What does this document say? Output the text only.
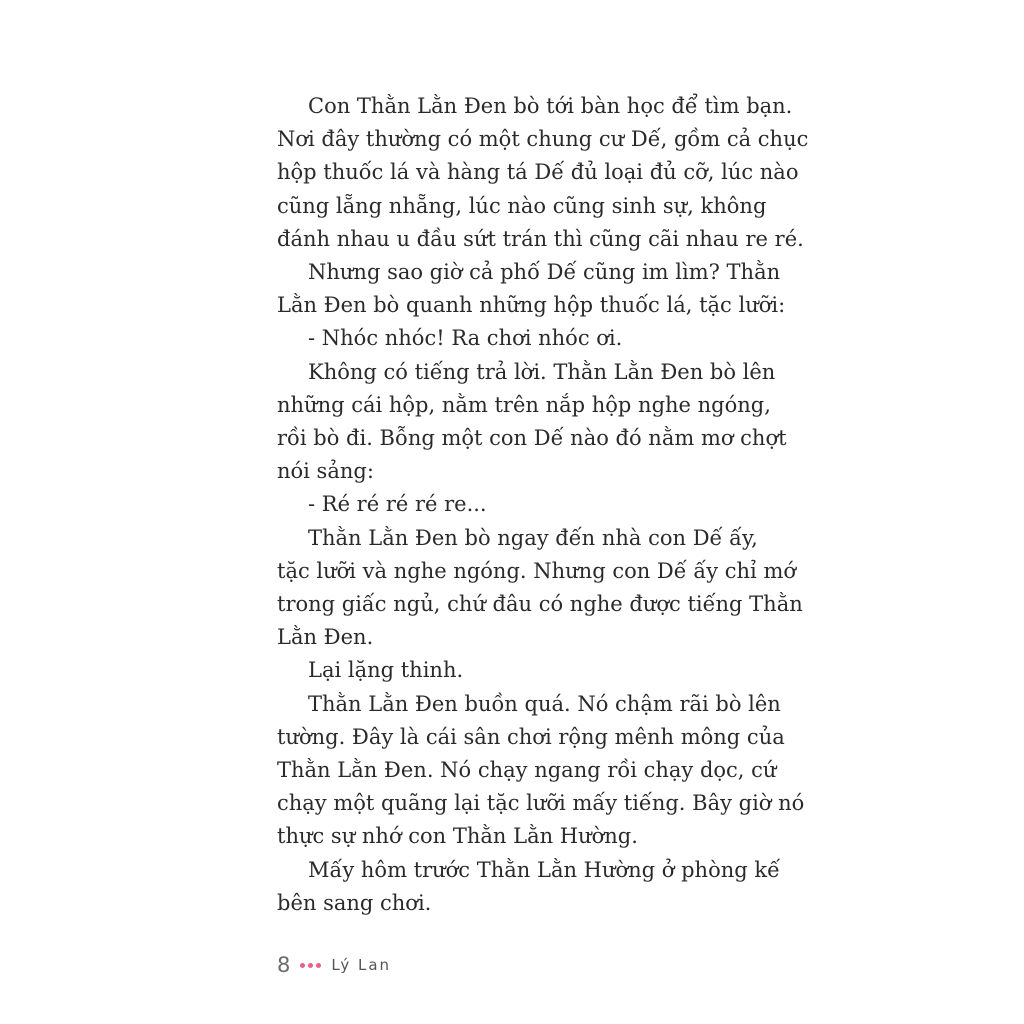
Con Thằn Lằn Đen bò tới bàn học để tìm bạn.
Nơi đây thường có một chung cư Dế, gồm cả chục
hộp thuốc lá và hàng tá Dế đủ loại đủ cỡ, lúc nào
cũng lẵng nhẵng, lúc nào cũng sinh sự, không
đánh nhau u đầu sứt trán thì cũng cãi nhau re ré.

Nhưng sao giờ cả phố Dế cũng im lìm? Thằn
Lằn Đen bò quanh những hộp thuốc lá, tặc lưỡi:

- Nhóc nhóc! Ra chơi nhóc ơi.

Không có tiếng trả lời. Thằn Lằn Đen bò lên
những cái hộp, nằm trên nắp hộp nghe ngóng,
rồi bò đi. Bỗng một con Dế nào đó nằm mơ chợt
nói sảng:

- Ré ré ré ré re...

Thằn Lằn Đen bò ngay đến nhà con Dế ấy,
tặc lưỡi và nghe ngóng. Nhưng con Dế ấy chỉ mớ
trong giấc ngủ, chứ đâu có nghe được tiếng Thằn
Lằn Đen.

Lại lặng thinh.

Thằn Lằn Đen buồn quá. Nó chậm rãi bò lên
tường. Đây là cái sân chơi rộng mênh mông của
Thằn Lằn Đen. Nó chạy ngang rồi chạy dọc, cứ
chạy một quãng lại tặc lưỡi mấy tiếng. Bây giờ nó
thực sự nhớ con Thằn Lằn Hường.

Mấy hôm trước Thằn Lằn Hường ở phòng kế
bên sang chơi.

8	Lý Lan
